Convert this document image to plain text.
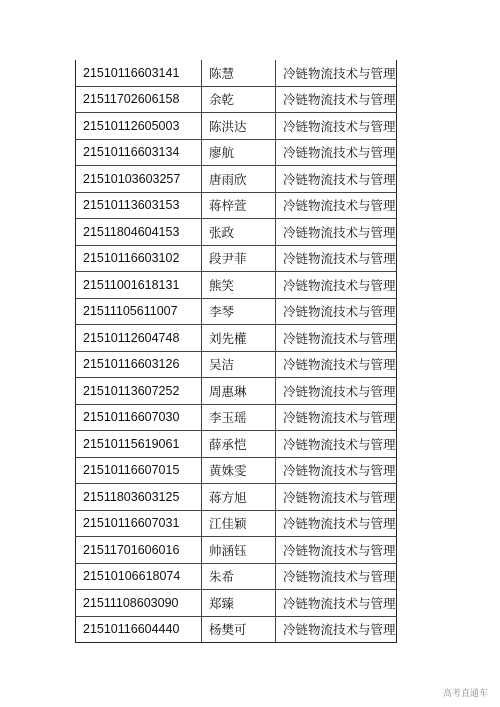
21510116603141	陈慧	冷链物流技术与管理
21511702606158	余乾	冷链物流技术与管理
21510112605003	陈洪达	冷链物流技术与管理
21510116603134	廖航	冷链物流技术与管理
21510103603257	唐雨欣	冷链物流技术与管理
21510113603153	蒋梓萱	冷链物流技术与管理
21511804604153	张政	冷链物流技术与管理
21510116603102	段尹菲	冷链物流技术与管理
21511001618131	熊笑	冷链物流技术与管理
21511105611007	李琴	冷链物流技术与管理
21510112604748	刘先權	冷链物流技术与管理
21510116603126	吴洁	冷链物流技术与管理
21510113607252	周惠琳	冷链物流技术与管理
21510116607030	李玉瑶	冷链物流技术与管理
21510115619061	薛承恺	冷链物流技术与管理
21510116607015	黄姝雯	冷链物流技术与管理
21511803603125	蒋方旭	冷链物流技术与管理
21510116607031	江佳颖	冷链物流技术与管理
21511701606016	帅涵钰	冷链物流技术与管理
21510106618074	朱希	冷链物流技术与管理
21511108603090	郑臻	冷链物流技术与管理
21510116604440	杨樊可	冷链物流技术与管理
高考直通车
